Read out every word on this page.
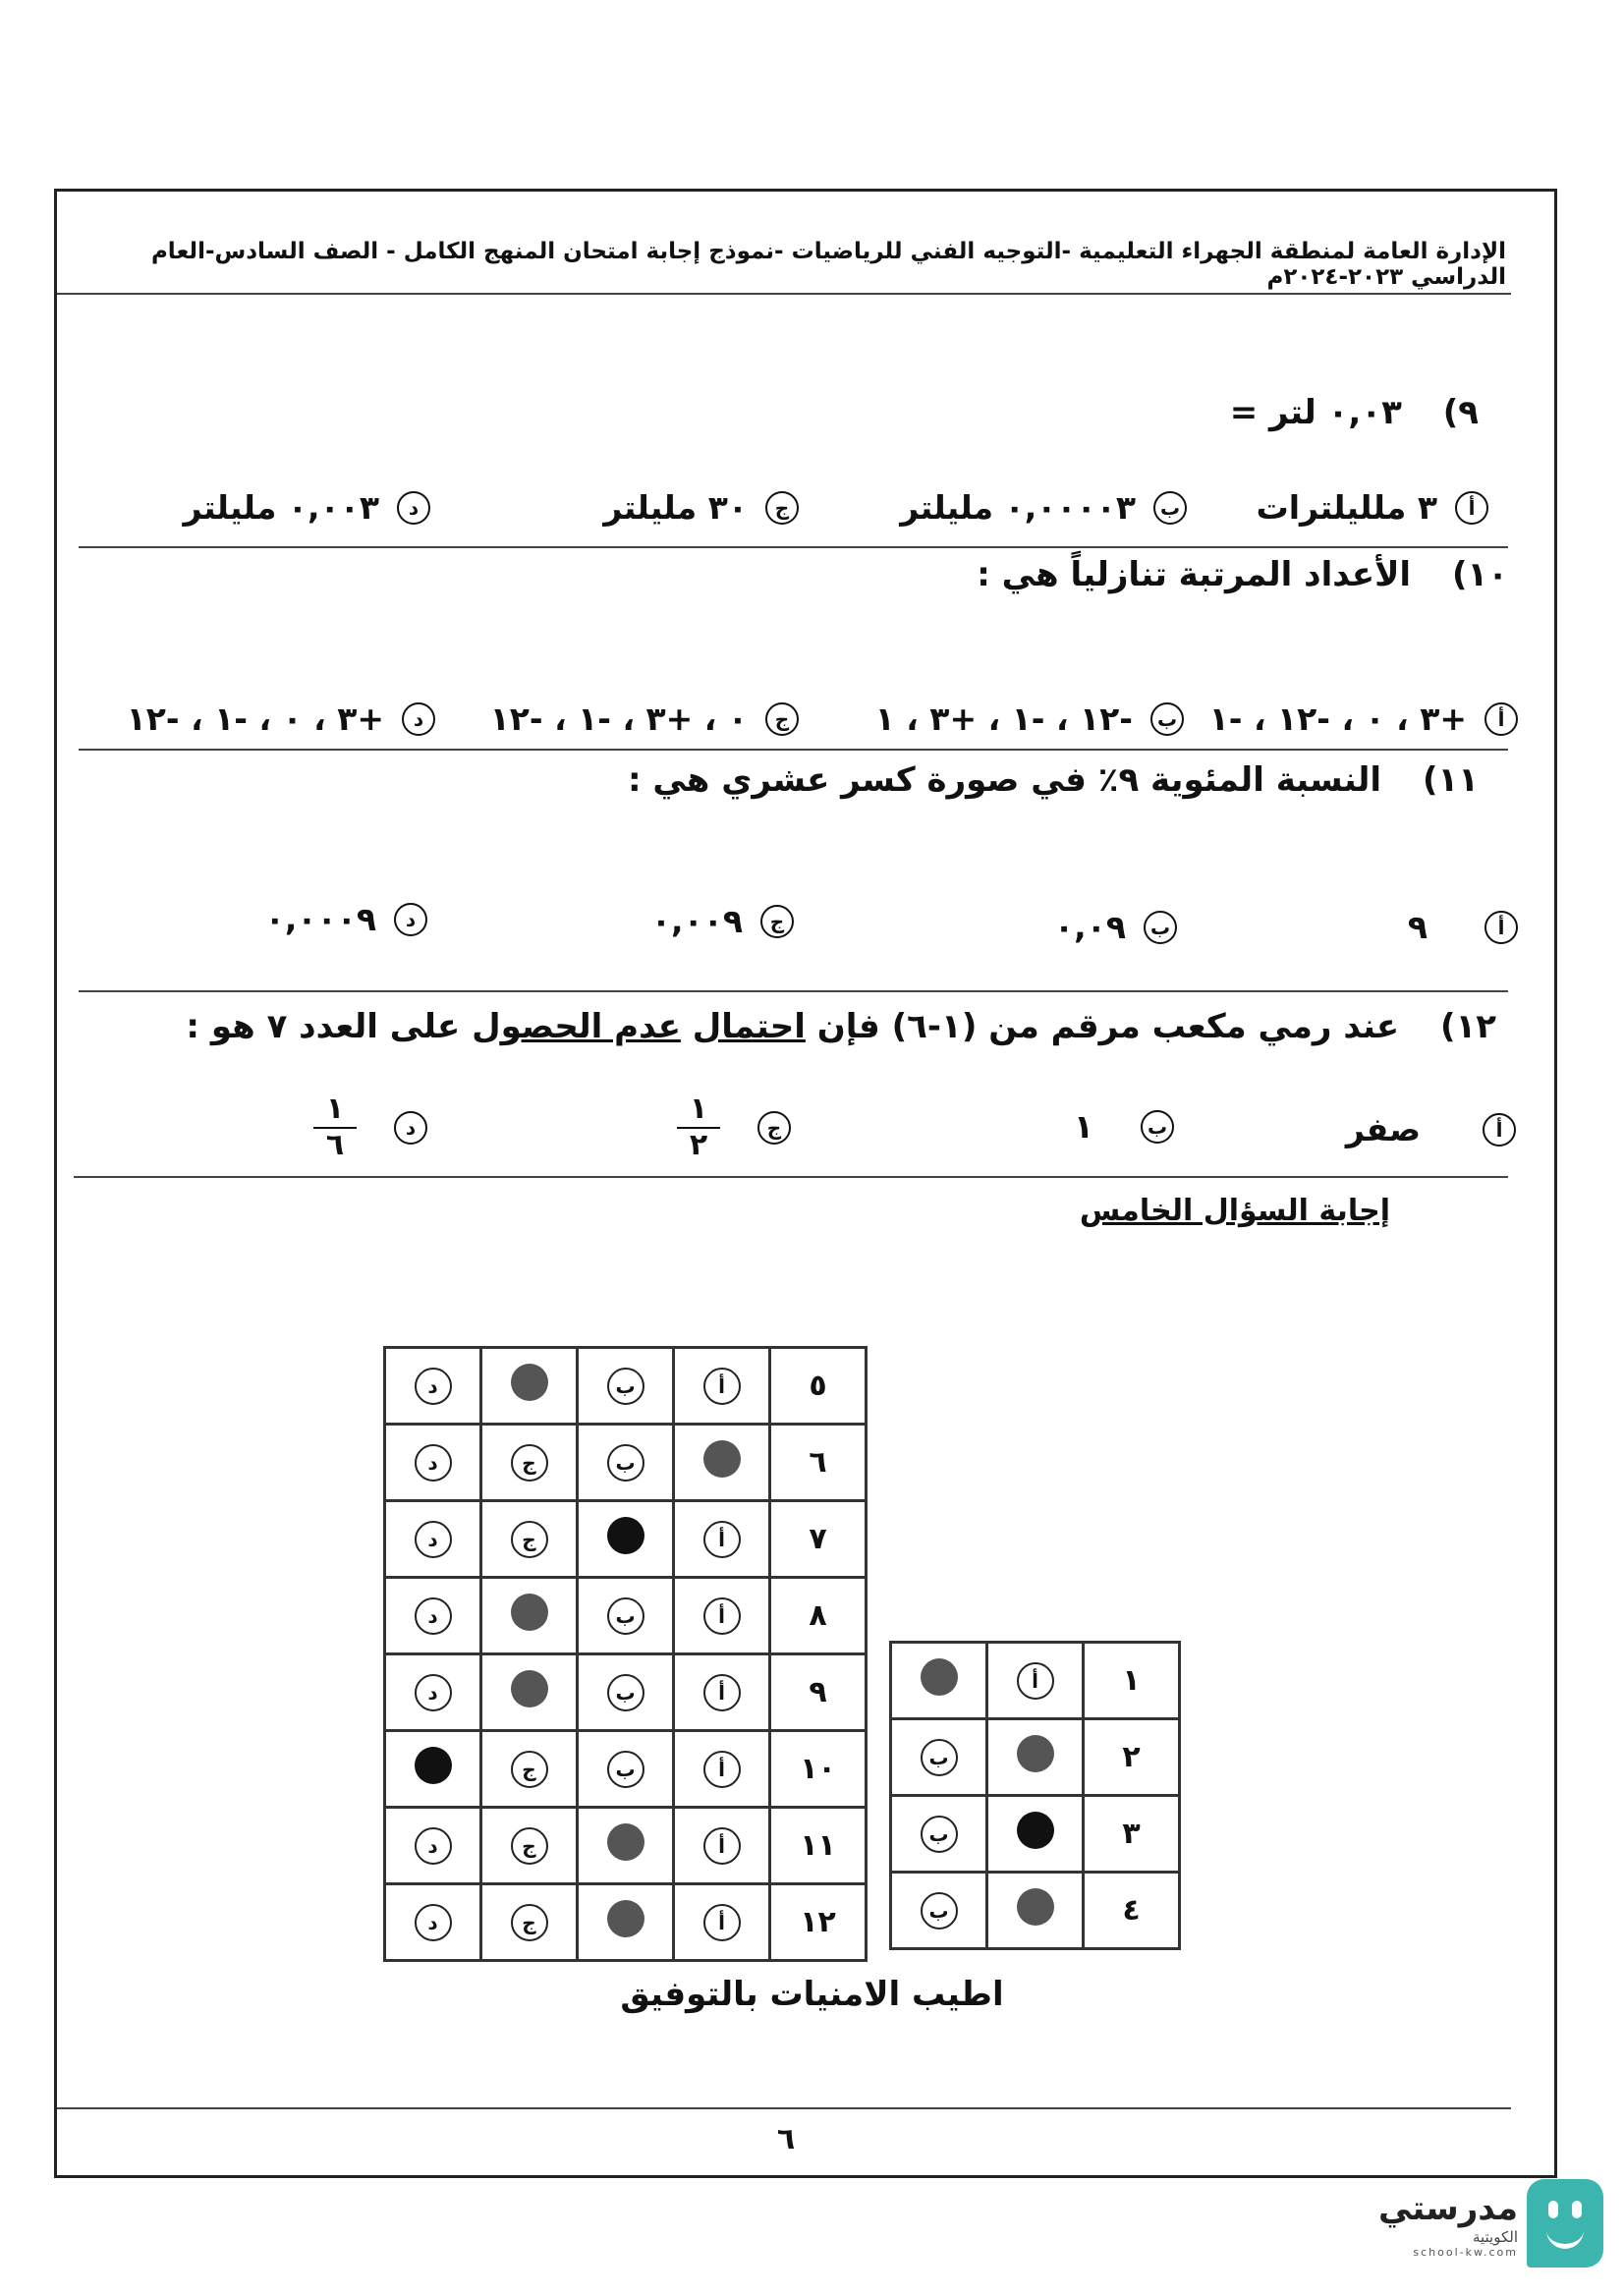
الإدارة العامة لمنطقة الجهراء التعليمية -التوجيه الفني للرياضيات -نموذج إجابة امتحان المنهج الكامل - الصف السادس-العام الدراسي ٢٠٢٣-٢٠٢٤م
٩) ٠,٠٣ لتر =
أ
٣ ملليلترات
ب
٠,٠٠٠٠٣ مليلتر
ج
٣٠ مليلتر
د
٠,٠٠٣ مليلتر
١٠) الأعداد المرتبة تنازلياً هي :
أ
+٣ ، ٠ ، -١٢ ، -١
ب
-١٢ ، -١ ، +٣ ، ١
ج
٠ ، +٣ ، -١ ، -١٢
د
+٣ ، ٠ ، -١ ، -١٢
١١) النسبة المئوية ٩٪ في صورة كسر عشري هي :
أ
٩
ب
٠,٠٩
ج
٠,٠٠٩
د
٠,٠٠٠٩
١٢) عند رمي مكعب مرقم من (١-٦) فإن احتمال عدم الحصول على العدد ٧ هو :
أ
صفر
ب
١
ج
$\frac{١}{٢}$
د
$\frac{١}{٦}$
إجابة السؤال الخامس
٥	أ	ب		د
٦		ب	ج	د
٧	أ		ج	د
٨	أ	ب		د
٩	أ	ب		د
١٠	أ	ب	ج	
١١	أ		ج	د
١٢	أ		ج	د
١	أ	
٢		ب
٣		ب
٤		ب
اطيب الامنيات بالتوفيق
٦
مدرستي
الكويتية
school-kw.com
